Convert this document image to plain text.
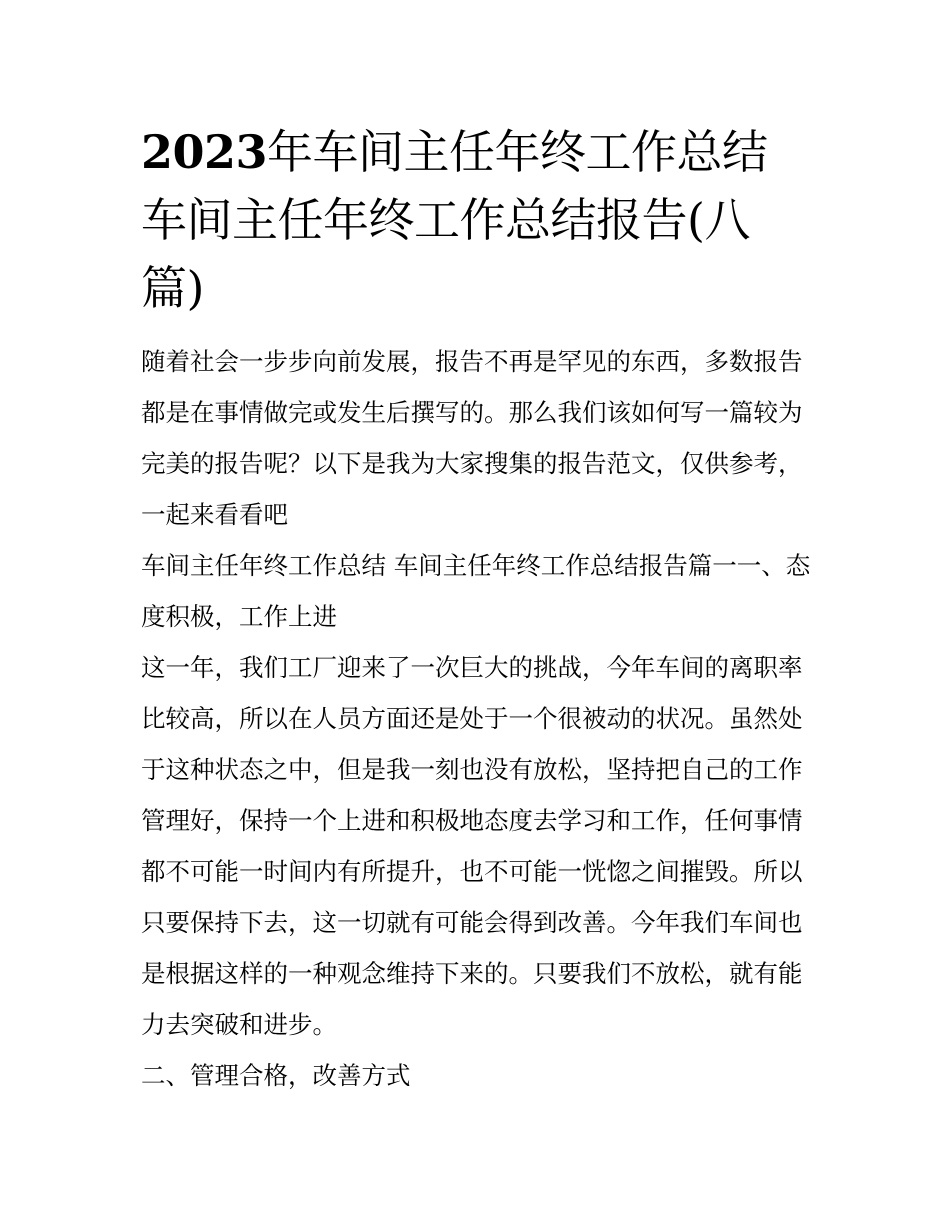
2023年车间主任年终工作总结车间主任年终工作总结报告(八篇)

随着社会一步步向前发展，报告不再是罕见的东西，多数报告都是在事情做完或发生后撰写的。那么我们该如何写一篇较为完美的报告呢？以下是我为大家搜集的报告范文，仅供参考，一起来看看吧

车间主任年终工作总结 车间主任年终工作总结报告篇一一、态度积极，工作上进

这一年，我们工厂迎来了一次巨大的挑战，今年车间的离职率比较高，所以在人员方面还是处于一个很被动的状况。虽然处于这种状态之中，但是我一刻也没有放松，坚持把自己的工作管理好，保持一个上进和积极地态度去学习和工作，任何事情都不可能一时间内有所提升，也不可能一恍惚之间摧毁。所以只要保持下去，这一切就有可能会得到改善。今年我们车间也是根据这样的一种观念维持下来的。只要我们不放松，就有能力去突破和进步。

二、管理合格，改善方式
